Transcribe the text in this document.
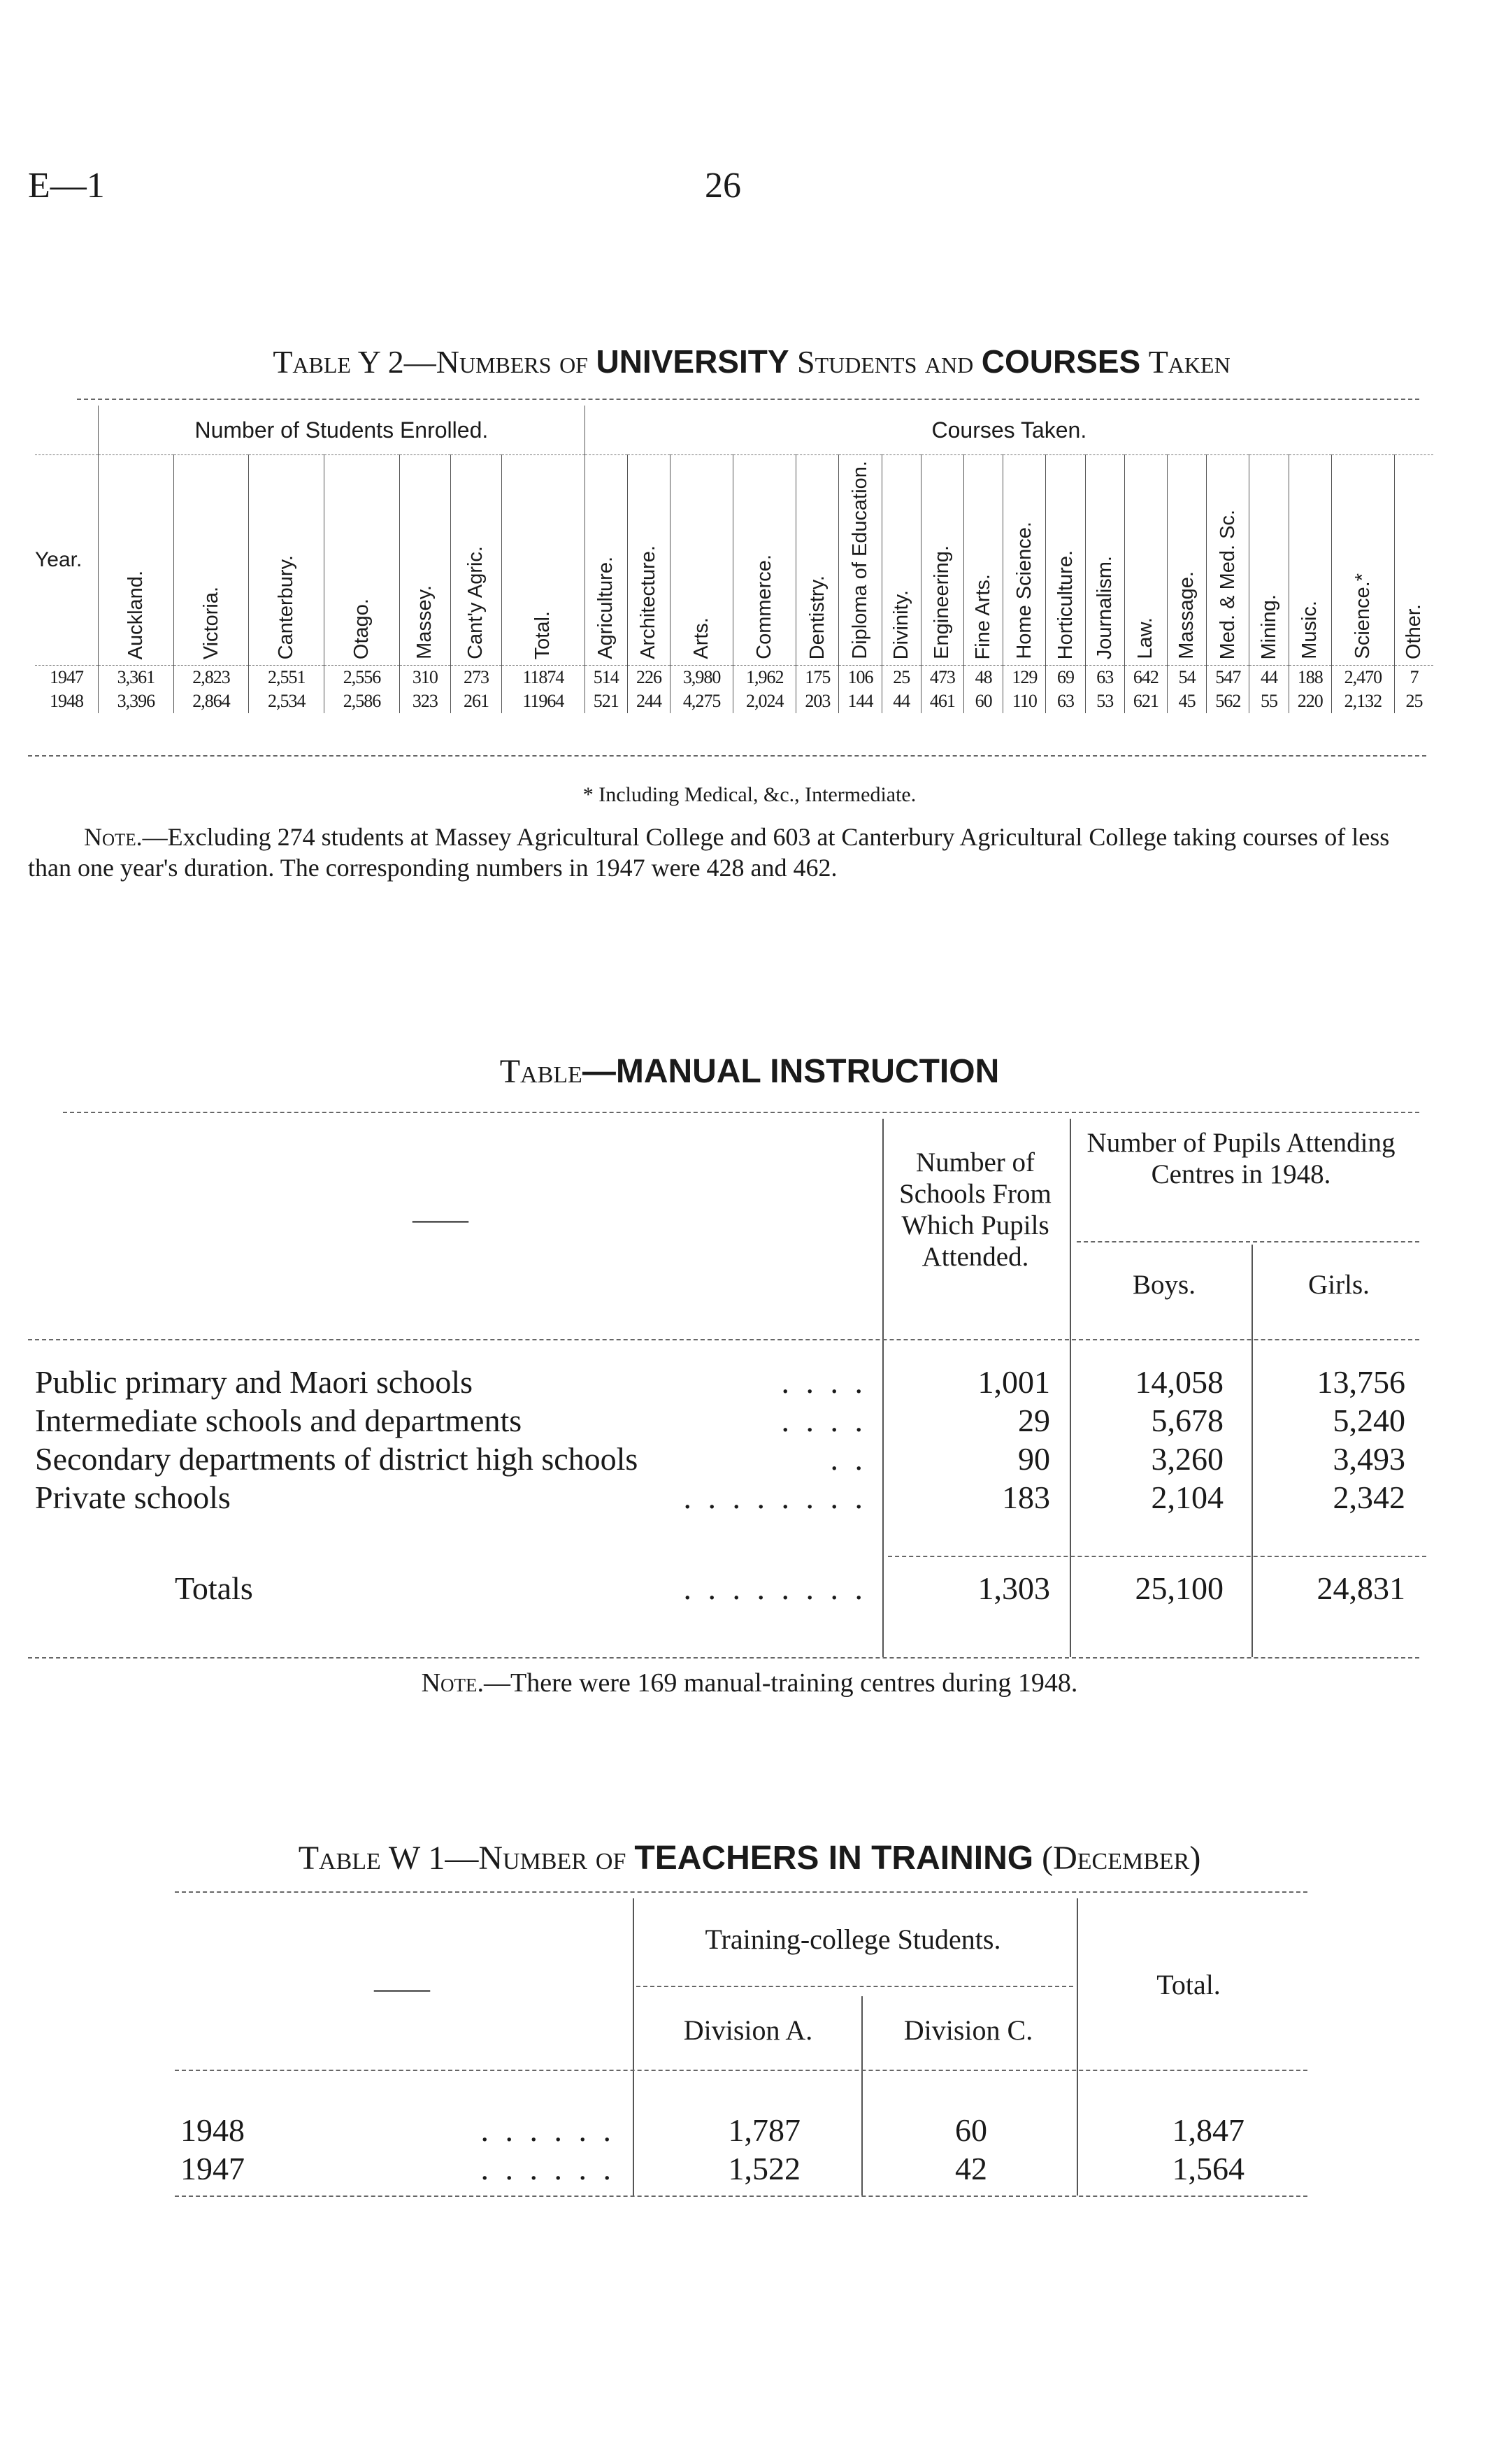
E—1	26
Table Y 2—Numbers of UNIVERSITY Students and COURSES Taken
	Number of Students Enrolled.							Courses Taken.																		
Year.	Auckland.	Victoria.	Canterbury.	Otago.	Massey.	Cant'y Agric.	Total.	Agriculture.	Architecture.	Arts.	Commerce.	Dentistry.	Diploma of Education.	Divinity.	Engineering.	Fine Arts.	Home Science.	Horticulture.	Journalism.	Law.	Massage.	Med. & Med. Sc.	Mining.	Music.	Science.*	Other.
1947	3,361	2,823	2,551	2,556	310	273	11874	514	226	3,980	1,962	175	106	25	473	48	129	69	63	642	54	547	44	188	2,470	7
1948	3,396	2,864	2,534	2,586	323	261	11964	521	244	4,275	2,024	203	144	44	461	60	110	63	53	621	45	562	55	220	2,132	25
* Including Medical, &c., Intermediate.
Note.—Excluding 274 students at Massey Agricultural College and 603 at Canterbury Agricultural College taking courses of less than one year's duration. The corresponding numbers in 1947 were 428 and 462.
Table—MANUAL INSTRUCTION
——
Number of Schools From Which Pupils Attended.
Number of Pupils Attending Centres in 1948.
Boys.	Girls.
Public primary and Maori schools	. . . .	1,001	14,058	13,756
Intermediate schools and departments	. . . .	29	5,678	5,240
Secondary departments of district high schools	. .	90	3,260	3,493
Private schools	. . . . . . . .	183	2,104	2,342
Totals	. . . . . . . .	1,303	25,100	24,831
Note.—There were 169 manual-training centres during 1948.
Table W 1—Number of TEACHERS IN TRAINING (December)
——
Training-college Students.
Total.
Division A.	Division C.
1948	. . . . . .	1,787	60	1,847
1947	. . . . . .	1,522	42	1,564
